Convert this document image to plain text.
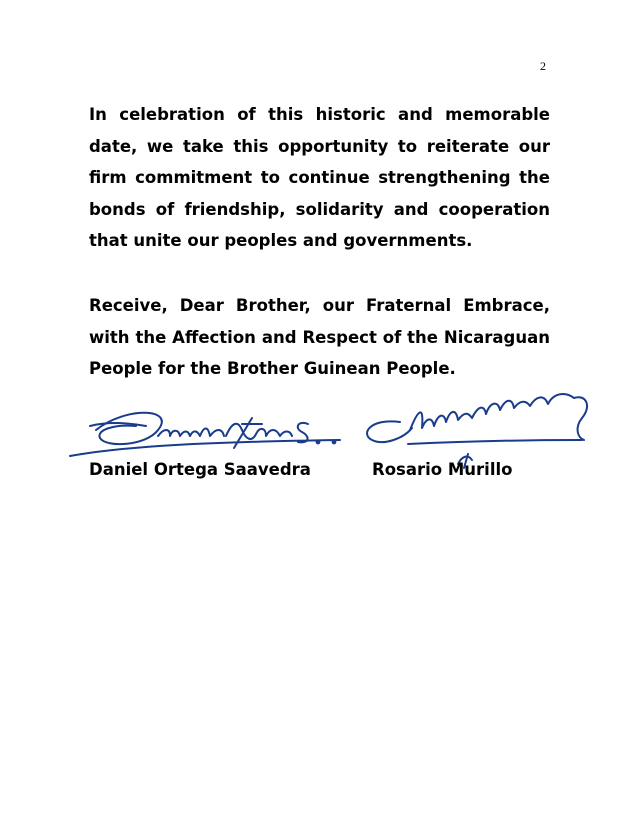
2

In celebration of this historic and memorable date, we take this opportunity to reiterate our firm commitment to continue strengthening the bonds of friendship, solidarity and cooperation that unite our peoples and governments.

Receive, Dear Brother, our Fraternal Embrace, with the Affection and Respect of the Nicaraguan People for the Brother Guinean People.

Daniel Ortega Saavedra	Rosario Murillo
